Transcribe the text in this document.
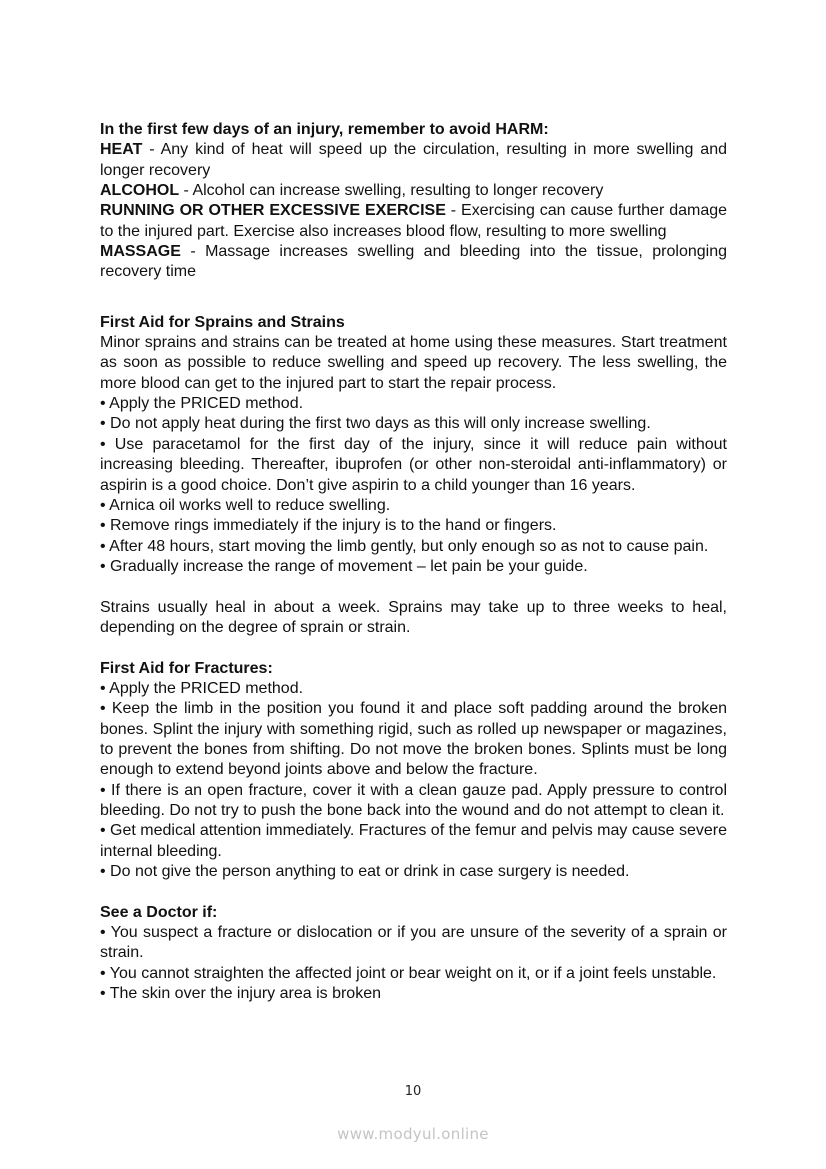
In the first few days of an injury, remember to avoid HARM:

HEAT - Any kind of heat will speed up the circulation, resulting in more swelling and longer recovery

ALCOHOL - Alcohol can increase swelling, resulting to longer recovery

RUNNING OR OTHER EXCESSIVE EXERCISE - Exercising can cause further damage to the injured part. Exercise also increases blood flow, resulting to more swelling

MASSAGE - Massage increases swelling and bleeding into the tissue, prolonging recovery time

First Aid for Sprains and Strains

Minor sprains and strains can be treated at home using these measures. Start treatment as soon as possible to reduce swelling and speed up recovery. The less swelling, the more blood can get to the injured part to start the repair process.

• Apply the PRICED method.

• Do not apply heat during the first two days as this will only increase swelling.

• Use paracetamol for the first day of the injury, since it will reduce pain without increasing bleeding. Thereafter, ibuprofen (or other non-steroidal anti-inflammatory) or aspirin is a good choice. Don’t give aspirin to a child younger than 16 years.

• Arnica oil works well to reduce swelling.

• Remove rings immediately if the injury is to the hand or fingers.

• After 48 hours, start moving the limb gently, but only enough so as not to cause pain.

• Gradually increase the range of movement – let pain be your guide.

Strains usually heal in about a week. Sprains may take up to three weeks to heal, depending on the degree of sprain or strain.

First Aid for Fractures:

• Apply the PRICED method.

• Keep the limb in the position you found it and place soft padding around the broken bones. Splint the injury with something rigid, such as rolled up newspaper or magazines, to prevent the bones from shifting. Do not move the broken bones. Splints must be long enough to extend beyond joints above and below the fracture.

• If there is an open fracture, cover it with a clean gauze pad. Apply pressure to control bleeding. Do not try to push the bone back into the wound and do not attempt to clean it.

• Get medical attention immediately. Fractures of the femur and pelvis may cause severe internal bleeding.

• Do not give the person anything to eat or drink in case surgery is needed.

See a Doctor if:

• You suspect a fracture or dislocation or if you are unsure of the severity of a sprain or strain.

• You cannot straighten the affected joint or bear weight on it, or if a joint feels unstable.

• The skin over the injury area is broken

10
www.modyul.online
